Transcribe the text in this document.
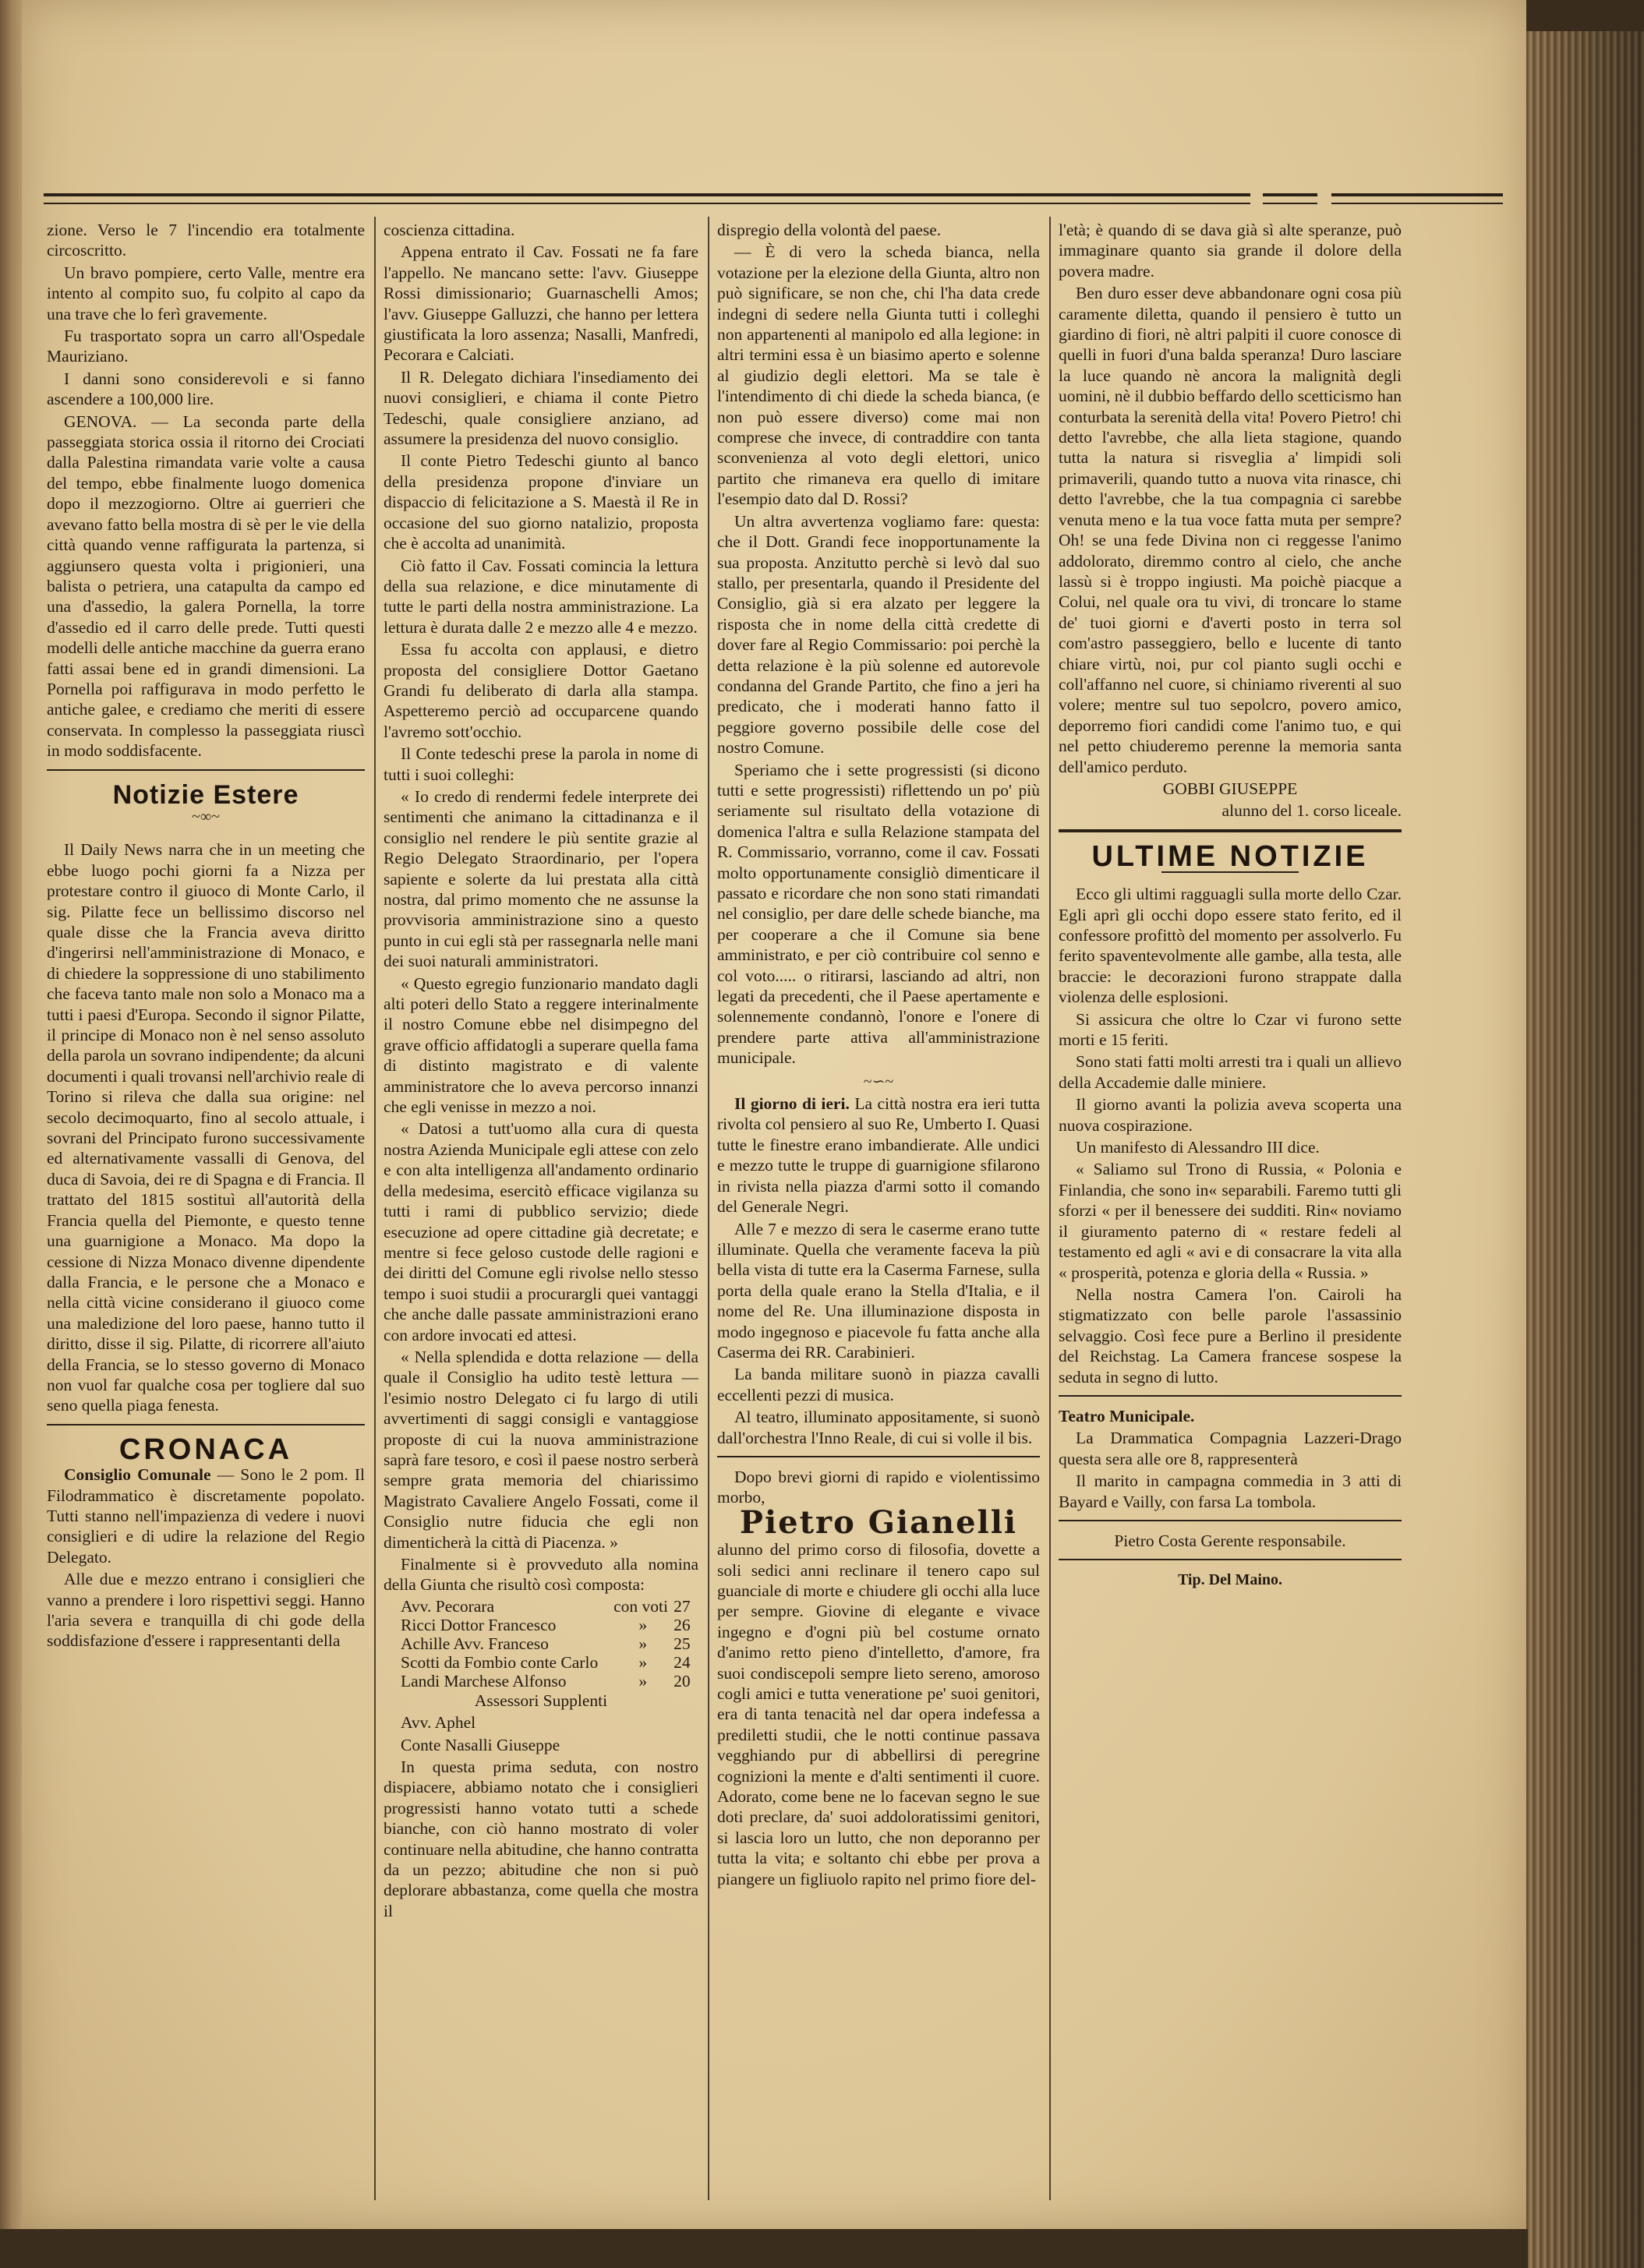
zione. Verso le 7 l'incendio era totalmente circoscritto.

Un bravo pompiere, certo Valle, mentre era intento al compito suo, fu colpito al capo da una trave che lo ferì gravemente.

Fu trasportato sopra un carro all'Ospedale Mauriziano.

I danni sono considerevoli e si fanno ascendere a 100,000 lire.

GENOVA. — La seconda parte della passeggiata storica ossia il ritorno dei Crociati dalla Palestina rimandata varie volte a causa del tempo, ebbe finalmente luogo domenica dopo il mezzogiorno. Oltre ai guerrieri che avevano fatto bella mostra di sè per le vie della città quando venne raffigurata la partenza, si aggiunsero questa volta i prigionieri, una balista o petriera, una catapulta da campo ed una d'assedio, la galera Pornella, la torre d'assedio ed il carro delle prede. Tutti questi modelli delle antiche macchine da guerra erano fatti assai bene ed in grandi dimensioni. La Pornella poi raffigurava in modo perfetto le antiche galee, e crediamo che meriti di essere conservata. In complesso la passeggiata riuscì in modo soddisfacente.

Notizie Estere
~∞~

Il Daily News narra che in un meeting che ebbe luogo pochi giorni fa a Nizza per protestare contro il giuoco di Monte Carlo, il sig. Pilatte fece un bellissimo discorso nel quale disse che la Francia aveva diritto d'ingerirsi nell'amministrazione di Monaco, e di chiedere la soppressione di uno stabilimento che faceva tanto male non solo a Monaco ma a tutti i paesi d'Europa. Secondo il signor Pilatte, il principe di Monaco non è nel senso assoluto della parola un sovrano indipendente; da alcuni documenti i quali trovansi nell'archivio reale di Torino si rileva che dalla sua origine: nel secolo decimoquarto, fino al secolo attuale, i sovrani del Principato furono successivamente ed alternativamente vassalli di Genova, del duca di Savoia, dei re di Spagna e di Francia. Il trattato del 1815 sostituì all'autorità della Francia quella del Piemonte, e questo tenne una guarnigione a Monaco. Ma dopo la cessione di Nizza Monaco divenne dipendente dalla Francia, e le persone che a Monaco e nella città vicine considerano il giuoco come una maledizione del loro paese, hanno tutto il diritto, disse il sig. Pilatte, di ricorrere all'aiuto della Francia, se lo stesso governo di Monaco non vuol far qualche cosa per togliere dal suo seno quella piaga fenesta.

CRONACA

Consiglio Comunale — Sono le 2 pom. Il Filodrammatico è discretamente popolato. Tutti stanno nell'impazienza di vedere i nuovi consiglieri e di udire la relazione del Regio Delegato.

Alle due e mezzo entrano i consiglieri che vanno a prendere i loro rispettivi seggi. Hanno l'aria severa e tranquilla di chi gode della soddisfazione d'essere i rappresentanti della

coscienza cittadina.

Appena entrato il Cav. Fossati ne fa fare l'appello. Ne mancano sette: l'avv. Giuseppe Rossi dimissionario; Guarnaschelli Amos; l'avv. Giuseppe Galluzzi, che hanno per lettera giustificata la loro assenza; Nasalli, Manfredi, Pecorara e Calciati.

Il R. Delegato dichiara l'insediamento dei nuovi consiglieri, e chiama il conte Pietro Tedeschi, quale consigliere anziano, ad assumere la presidenza del nuovo consiglio.

Il conte Pietro Tedeschi giunto al banco della presidenza propone d'inviare un dispaccio di felicitazione a S. Maestà il Re in occasione del suo giorno natalizio, proposta che è accolta ad unanimità.

Ciò fatto il Cav. Fossati comincia la lettura della sua relazione, e dice minutamente di tutte le parti della nostra amministrazione. La lettura è durata dalle 2 e mezzo alle 4 e mezzo.

Essa fu accolta con applausi, e dietro proposta del consigliere Dottor Gaetano Grandi fu deliberato di darla alla stampa. Aspetteremo perciò ad occuparcene quando l'avremo sott'occhio.

Il Conte tedeschi prese la parola in nome di tutti i suoi colleghi:

« Io credo di rendermi fedele interprete dei sentimenti che animano la cittadinanza e il consiglio nel rendere le più sentite grazie al Regio Delegato Straordinario, per l'opera sapiente e solerte da lui prestata alla città nostra, dal primo momento che ne assunse la provvisoria amministrazione sino a questo punto in cui egli stà per rassegnarla nelle mani dei suoi naturali amministratori.

« Questo egregio funzionario mandato dagli alti poteri dello Stato a reggere interinalmente il nostro Comune ebbe nel disimpegno del grave officio affidatogli a superare quella fama di distinto magistrato e di valente amministratore che lo aveva percorso innanzi che egli venisse in mezzo a noi.

« Datosi a tutt'uomo alla cura di questa nostra Azienda Municipale egli attese con zelo e con alta intelligenza all'andamento ordinario della medesima, esercitò efficace vigilanza su tutti i rami di pubblico servizio; diede esecuzione ad opere cittadine già decretate; e mentre si fece geloso custode delle ragioni e dei diritti del Comune egli rivolse nello stesso tempo i suoi studii a procurargli quei vantaggi che anche dalle passate amministrazioni erano con ardore invocati ed attesi.

« Nella splendida e dotta relazione — della quale il Consiglio ha udito testè lettura — l'esimio nostro Delegato ci fu largo di utili avvertimenti di saggi consigli e vantaggiose proposte di cui la nuova amministrazione saprà fare tesoro, e così il paese nostro serberà sempre grata memoria del chiarissimo Magistrato Cavaliere Angelo Fossati, come il Consiglio nutre fiducia che egli non dimenticherà la città di Piacenza. »

Finalmente si è provveduto alla nomina della Giunta che risultò così composta:

Avv. Pecorara	con voti	27
Ricci Dottor Francesco	»	26
Achille Avv. Franceso	»	25
Scotti da Fombio conte Carlo	»	24
Landi Marchese Alfonso	»	20

Assessori Supplenti

Avv. Aphel

Conte Nasalli Giuseppe

In questa prima seduta, con nostro dispiacere, abbiamo notato che i consiglieri progressisti hanno votato tutti a schede bianche, con ciò hanno mostrato di voler continuare nella abitudine, che hanno contratta da un pezzo; abitudine che non si può deplorare abbastanza, come quella che mostra il

dispregio della volontà del paese.

— È di vero la scheda bianca, nella votazione per la elezione della Giunta, altro non può significare, se non che, chi l'ha data crede indegni di sedere nella Giunta tutti i colleghi non appartenenti al manipolo ed alla legione: in altri termini essa è un biasimo aperto e solenne al giudizio degli elettori. Ma se tale è l'intendimento di chi diede la scheda bianca, (e non può essere diverso) come mai non comprese che invece, di contraddire con tanta sconvenienza al voto degli elettori, unico partito che rimaneva era quello di imitare l'esempio dato dal D. Rossi?

Un altra avvertenza vogliamo fare: questa: che il Dott. Grandi fece inopportunamente la sua proposta. Anzitutto perchè si levò dal suo stallo, per presentarla, quando il Presidente del Consiglio, già si era alzato per leggere la risposta che in nome della città credette di dover fare al Regio Commissario: poi perchè la detta relazione è la più solenne ed autorevole condanna del Grande Partito, che fino a jeri ha predicato, che i moderati hanno fatto il peggiore governo possibile delle cose del nostro Comune.

Speriamo che i sette progressisti (si dicono tutti e sette progressisti) riflettendo un po' più seriamente sul risultato della votazione di domenica l'altra e sulla Relazione stampata del R. Commissario, vorranno, come il cav. Fossati molto opportunamente consigliò dimenticare il passato e ricordare che non sono stati rimandati nel consiglio, per dare delle schede bianche, ma per cooperare a che il Comune sia bene amministrato, e per ciò contribuire col senno e col voto..... o ritirarsi, lasciando ad altri, non legati da precedenti, che il Paese apertamente e solennemente condannò, l'onore e l'onere di prendere parte attiva all'amministrazione municipale.

~∽~

Il giorno di ieri. La città nostra era ieri tutta rivolta col pensiero al suo Re, Umberto I. Quasi tutte le finestre erano imbandierate. Alle undici e mezzo tutte le truppe di guarnigione sfilarono in rivista nella piazza d'armi sotto il comando del Generale Negri.

Alle 7 e mezzo di sera le caserme erano tutte illuminate. Quella che veramente faceva la più bella vista di tutte era la Caserma Farnese, sulla porta della quale erano la Stella d'Italia, e il nome del Re. Una illuminazione disposta in modo ingegnoso e piacevole fu fatta anche alla Caserma dei RR. Carabinieri.

La banda militare suonò in piazza cavalli eccellenti pezzi di musica.

Al teatro, illuminato appositamente, si suonò dall'orchestra l'Inno Reale, di cui si volle il bis.

Dopo brevi giorni di rapido e violentissimo morbo,

Pietro Gianelli

alunno del primo corso di filosofia, dovette a soli sedici anni reclinare il tenero capo sul guanciale di morte e chiudere gli occhi alla luce per sempre. Giovine di elegante e vivace ingegno e d'ogni più bel costume ornato d'animo retto pieno d'intelletto, d'amore, fra suoi condiscepoli sempre lieto sereno, amoroso cogli amici e tutta veneratione pe' suoi genitori, era di tanta tenacità nel dar opera indefessa a prediletti studii, che le notti continue passava vegghiando pur di abbellirsi di peregrine cognizioni la mente e d'alti sentimenti il cuore. Adorato, come bene ne lo facevan segno le sue doti preclare, da' suoi addoloratissimi genitori, si lascia loro un lutto, che non deporanno per tutta la vita; e soltanto chi ebbe per prova a piangere un figliuolo rapito nel primo fiore del-

l'età; è quando di se dava già sì alte speranze, può immaginare quanto sia grande il dolore della povera madre.

Ben duro esser deve abbandonare ogni cosa più caramente diletta, quando il pensiero è tutto un giardino di fiori, nè altri palpiti il cuore conosce di quelli in fuori d'una balda speranza! Duro lasciare la luce quando nè ancora la malignità degli uomini, nè il dubbio beffardo dello scetticismo han conturbata la serenità della vita! Povero Pietro! chi detto l'avrebbe, che alla lieta stagione, quando tutta la natura si risveglia a' limpidi soli primaverili, quando tutto a nuova vita rinasce, chi detto l'avrebbe, che la tua compagnia ci sarebbe venuta meno e la tua voce fatta muta per sempre? Oh! se una fede Divina non ci reggesse l'animo addolorato, diremmo contro al cielo, che anche lassù si è troppo ingiusti. Ma poichè piacque a Colui, nel quale ora tu vivi, di troncare lo stame de' tuoi giorni e d'averti posto in terra sol com'astro passeggiero, bello e lucente di tanto chiare virtù, noi, pur col pianto sugli occhi e coll'affanno nel cuore, si chiniamo riverenti al suo volere; mentre sul tuo sepolcro, povero amico, deporremo fiori candidi come l'animo tuo, e qui nel petto chiuderemo perenne la memoria santa dell'amico perduto.

GOBBI GIUSEPPE

alunno del 1. corso liceale.

ULTIME NOTIZIE

Ecco gli ultimi ragguagli sulla morte dello Czar. Egli aprì gli occhi dopo essere stato ferito, ed il confessore profittò del momento per assolverlo. Fu ferito spaventevolmente alle gambe, alla testa, alle braccie: le decorazioni furono strappate dalla violenza delle esplosioni.

Si assicura che oltre lo Czar vi furono sette morti e 15 feriti.

Sono stati fatti molti arresti tra i quali un allievo della Accademie dalle miniere.

Il giorno avanti la polizia aveva scoperta una nuova cospirazione.

Un manifesto di Alessandro III dice.

« Saliamo sul Trono di Russia, « Polonia e Finlandia, che sono in« separabili. Faremo tutti gli sforzi « per il benessere dei sudditi. Rin« noviamo il giuramento paterno di « restare fedeli al testamento ed agli « avi e di consacrare la vita alla « prosperità, potenza e gloria della « Russia. »

Nella nostra Camera l'on. Cairoli ha stigmatizzato con belle parole l'assassinio selvaggio. Così fece pure a Berlino il presidente del Reichstag. La Camera francese sospese la seduta in segno di lutto.

Teatro Municipale.

La Drammatica Compagnia Lazzeri-Drago questa sera alle ore 8, rappresenterà

Il marito in campagna commedia in 3 atti di Bayard e Vailly, con farsa La tombola.

Pietro Costa Gerente responsabile.

Tip. Del Maino.
